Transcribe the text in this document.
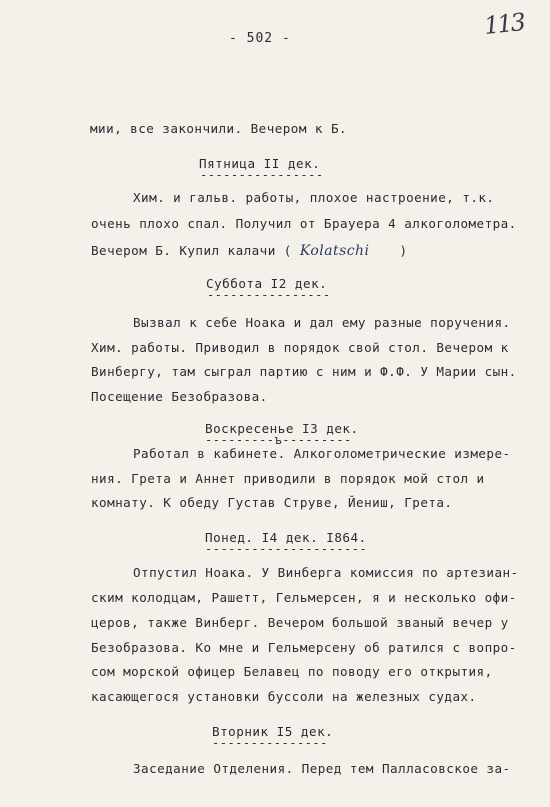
113
- 502 -
мии, все закончили. Вечером к Б.
Пятница II дек.
----------------
Хим. и гальв. работы, плохое настроение, т.к.
очень плохо спал. Получил от Брауера 4 алкоголометра.
Вечером Б. Купил калачи ( Kolatschi )
Суббота I2 дек.
----------------
Вызвал к себе Ноака и дал ему разные поручения.
Хим. работы. Приводил в порядок свой стол. Вечером к
Винбергу, там сыграл партию с ним и Ф.Ф. У Марии сын.
Посещение Безобразова.
Воскресенье I3 дек.
---------ъ---------
Работал в кабинете. Алкоголометрические измере-
ния. Грета и Аннет приводили в порядок мой стол и
комнату. К обеду Густав Струве, Йениш, Грета.
Понед. I4 дек. I864.
---------------------
Отпустил Ноака. У Винберга комиссия по артезиан-
ским колодцам, Рашетт, Гельмерсен, я и несколько офи-
церов, также Винберг. Вечером большой званый вечер у
Безобразова. Ко мне и Гельмерсену об ратился с вопро-
сом морской офицер Белавец по поводу его открытия,
касающегося установки буссоли на железных судах.
Вторник I5 дек.
---------------
Заседание Отделения. Перед тем Палласовское за-
